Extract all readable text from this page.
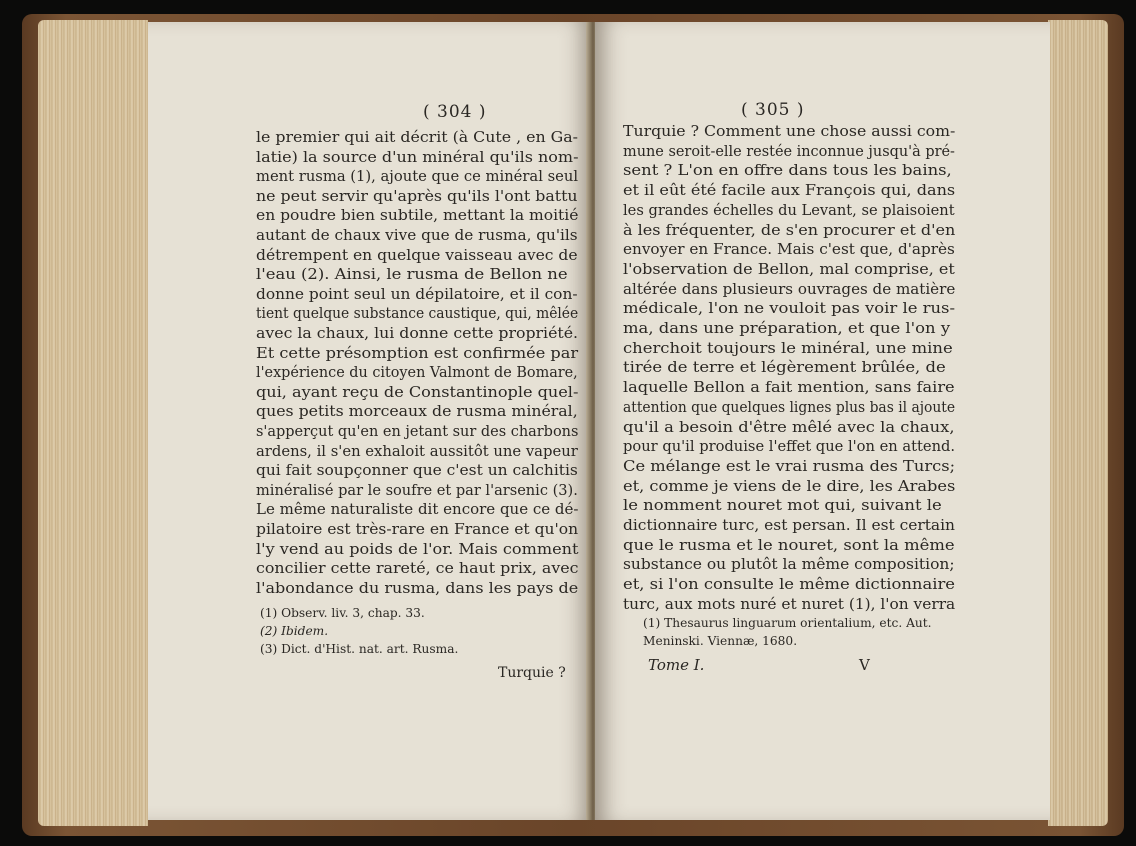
( 304 )
le premier qui ait décrit (à Cute , en Ga-
latie) la source d'un minéral qu'ils nom-
ment rusma (1), ajoute que ce minéral seul
ne peut servir qu'après qu'ils l'ont battu
en poudre bien subtile, mettant la moitié
autant de chaux vive que de rusma, qu'ils
détrempent en quelque vaisseau avec de
l'eau (2). Ainsi, le rusma de Bellon ne
donne point seul un dépilatoire, et il con-
tient quelque substance caustique, qui, mêlée
avec la chaux, lui donne cette propriété.
Et cette présomption est confirmée par
l'expérience du citoyen Valmont de Bomare,
qui, ayant reçu de Constantinople quel-
ques petits morceaux de rusma minéral,
s'apperçut qu'en en jetant sur des charbons
ardens, il s'en exhaloit aussitôt une vapeur
qui fait soupçonner que c'est un calchitis
minéralisé par le soufre et par l'arsenic (3).
Le même naturaliste dit encore que ce dé-
pilatoire est très-rare en France et qu'on
l'y vend au poids de l'or. Mais comment
concilier cette rareté, ce haut prix, avec
l'abondance du rusma, dans les pays de
(1) Observ. liv. 3, chap. 33.
(2) Ibidem.
(3) Dict. d'Hist. nat. art. Rusma.
Turquie ?
( 305 )
Turquie ? Comment une chose aussi com-
mune seroit-elle restée inconnue jusqu'à pré-
sent ? L'on en offre dans tous les bains,
et il eût été facile aux François qui, dans
les grandes échelles du Levant, se plaisoient
à les fréquenter, de s'en procurer et d'en
envoyer en France. Mais c'est que, d'après
l'observation de Bellon, mal comprise, et
altérée dans plusieurs ouvrages de matière
médicale, l'on ne vouloit pas voir le rus-
ma, dans une préparation, et que l'on y
cherchoit toujours le minéral, une mine
tirée de terre et légèrement brûlée, de
laquelle Bellon a fait mention, sans faire
attention que quelques lignes plus bas il ajoute
qu'il a besoin d'être mêlé avec la chaux,
pour qu'il produise l'effet que l'on en attend.
Ce mélange est le vrai rusma des Turcs;
et, comme je viens de le dire, les Arabes
le nomment nouret mot qui, suivant le
dictionnaire turc, est persan. Il est certain
que le rusma et le nouret, sont la même
substance ou plutôt la même composition;
et, si l'on consulte le même dictionnaire
turc, aux mots nuré et nuret (1), l'on verra
(1) Thesaurus linguarum orientalium, etc. Aut.
Meninski. Viennæ, 1680.
Tome I.	V
